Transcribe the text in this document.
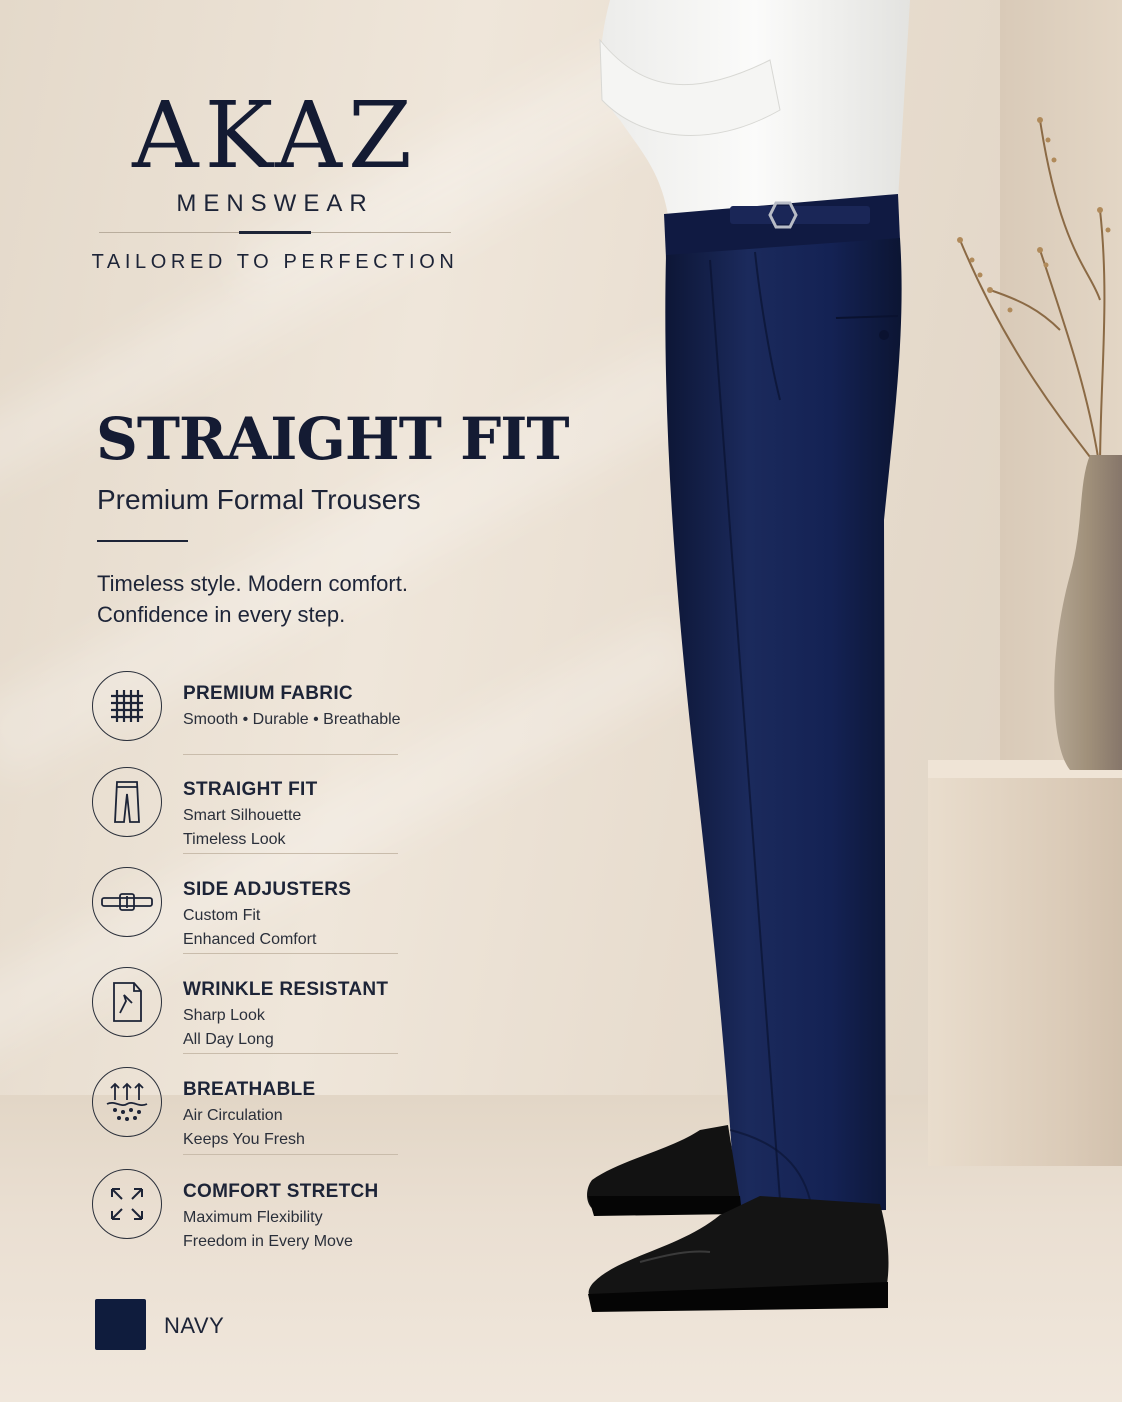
AKAZ
MENSWEAR
TAILORED TO PERFECTION
STRAIGHT FIT
Premium Formal Trousers
Timeless style. Modern comfort.
Confidence in every step.
PREMIUM FABRIC
Smooth • Durable • Breathable
STRAIGHT FIT
Smart Silhouette
Timeless Look
SIDE ADJUSTERS
Custom Fit
Enhanced Comfort
WRINKLE RESISTANT
Sharp Look
All Day Long
BREATHABLE
Air Circulation
Keeps You Fresh
COMFORT STRETCH
Maximum Flexibility
Freedom in Every Move
NAVY
